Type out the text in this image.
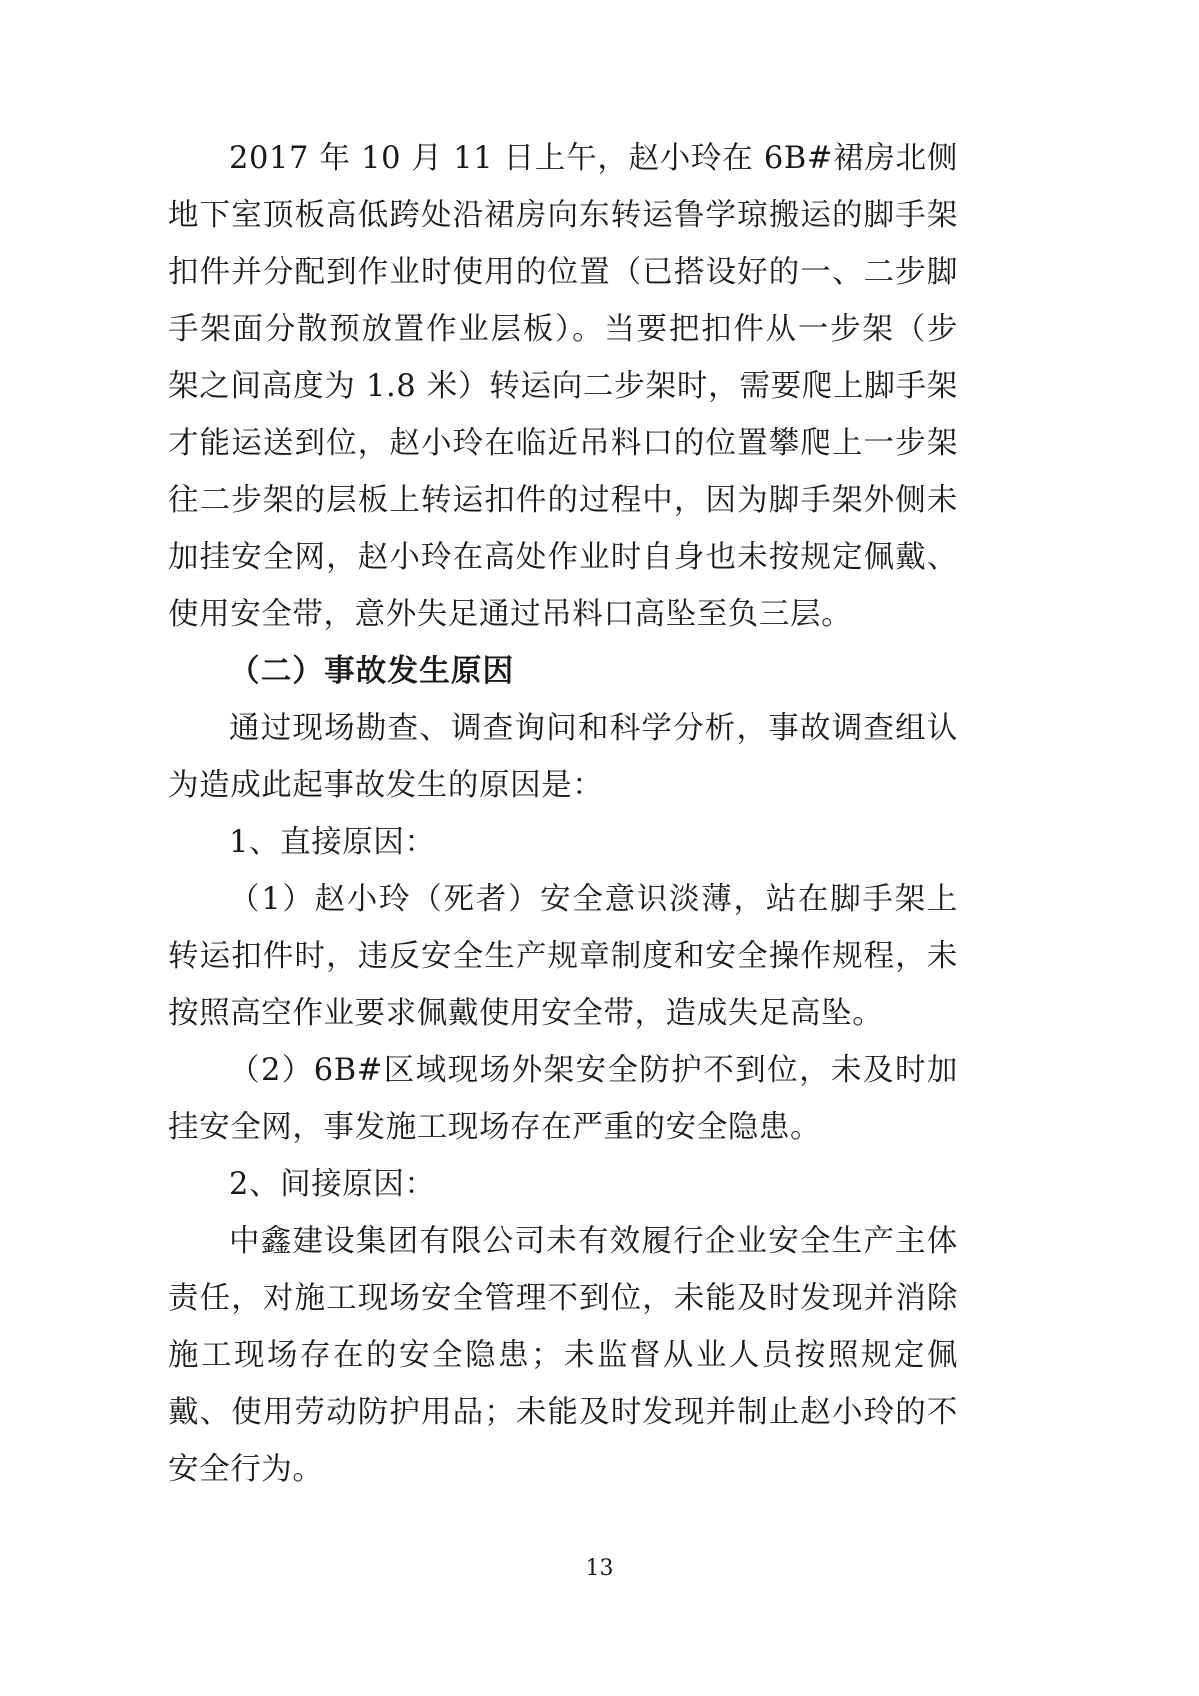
2017 年 10 月 11 日上午，赵小玲在 6B#裙房北侧地下室顶板高低跨处沿裙房向东转运鲁学琼搬运的脚手架扣件并分配到作业时使用的位置（已搭设好的一、二步脚手架面分散预放置作业层板）。当要把扣件从一步架（步架之间高度为 1.8 米）转运向二步架时，需要爬上脚手架才能运送到位，赵小玲在临近吊料口的位置攀爬上一步架往二步架的层板上转运扣件的过程中，因为脚手架外侧未加挂安全网，赵小玲在高处作业时自身也未按规定佩戴、使用安全带，意外失足通过吊料口高坠至负三层。

（二）事故发生原因

通过现场勘查、调查询问和科学分析，事故调查组认为造成此起事故发生的原因是：

1、直接原因：

（1）赵小玲（死者）安全意识淡薄，站在脚手架上转运扣件时，违反安全生产规章制度和安全操作规程，未按照高空作业要求佩戴使用安全带，造成失足高坠。

（2）6B#区域现场外架安全防护不到位，未及时加挂安全网，事发施工现场存在严重的安全隐患。

2、间接原因：

中鑫建设集团有限公司未有效履行企业安全生产主体责任，对施工现场安全管理不到位，未能及时发现并消除施工现场存在的安全隐患；未监督从业人员按照规定佩戴、使用劳动防护用品；未能及时发现并制止赵小玲的不安全行为。

13
